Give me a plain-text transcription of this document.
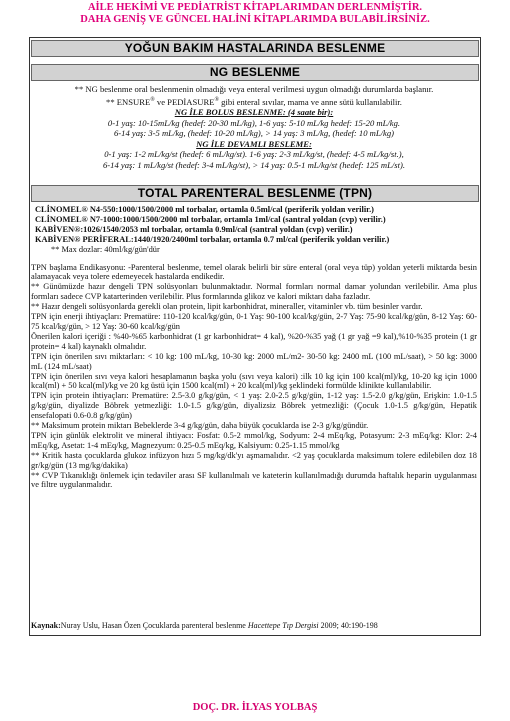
AİLE HEKİMİ VE PEDİATRİST KİTAPLARIMDAN DERLENMİŞTİR.
DAHA GENİŞ VE GÜNCEL HALİNİ KİTAPLARIMDA BULABİLİRSİNİZ.
YOĞUN BAKIM HASTALARINDA BESLENME
NG BESLENME

** NG beslenme oral beslenmenin olmadığı veya enteral verilmesi uygun olmadığı durumlarda başlanır.

** ENSURE® ve PEDİASURE® gibi enteral sıvılar, mama ve anne sütü kullanılabilir.

NG İLE BOLUS BESLENME: (4 saate bir):

0-1 yaş: 10-15mL/kg (hedef: 20-30 mL/kg), 1-6 yaş: 5-10 mL/kg hedef: 15-20 mL/kg.

6-14 yaş: 3-5 mL/kg, (hedef: 10-20 mL/kg), > 14 yaş: 3 mL/kg, (hedef: 10 mL/kg)

NG İLE DEVAMLI BESLEME:

0-1 yaş: 1-2 mL/kg/st (hedef: 6 mL/kg/st). 1-6 yaş: 2-3 mL/kg/st, (hedef: 4-5 mL/kg/st.),

6-14 yaş: 1 mL/kg/st (hedef: 3-4 mL/kg/st), > 14 yaş: 0.5-1 mL/kg/st (hedef: 125 mL/st).

TOTAL PARENTERAL BESLENME (TPN)

CLİNOMEL® N4-550:1000/1500/2000 ml torbalar, ortamla 0.5ml/cal (periferik yoldan verilir.)

CLİNOMEL® N7-1000:1000/1500/2000 ml torbalar, ortamla 1ml/cal (santral yoldan (cvp) verilir.)

KABİVEN®:1026/1540/2053 ml torbalar, ortamla 0.9ml/cal (santral yoldan (cvp) verilir.)

KABİVEN® PERİFERAL:1440/1920/2400ml torbalar, ortamla 0.7 ml/cal (periferik yoldan verilir.)

** Max dozlar: 40ml/kg/gün'dür

TPN başlama Endikasyonu: -Parenteral beslenme, temel olarak belirli bir süre enteral (oral veya tüp) yoldan yeterli miktarda besin alamayacak veya tolere edemeyecek hastalarda endikedir.

** Günümüzde hazır dengeli TPN solüsyonları bulunmaktadır. Normal formları normal damar yolundan verilebilir. Ama plus formları sadece CVP katarterinden verilebilir. Plus formlarında glikoz ve kalori miktarı daha fazladır.

** Hazır dengeli solüsyonlarda gerekli olan protein, lipit karbonhidrat, mineraller, vitaminler vb. tüm besinler vardır.

TPN için enerji ihtiyaçları: Prematüre: 110-120 kcal/kg/gün, 0-1 Yaş: 90-100 kcal/kg/gün, 2-7 Yaş: 75-90 kcal/kg/gün, 8-12 Yaş: 60-75 kcal/kg/gün, > 12 Yaş: 30-60 kcal/kg/gün

Önerilen kalori içeriği : %40-%65 karbonhidrat (1 gr karbonhidrat= 4 kal), %20-%35 yağ (1 gr yağ =9 kal),%10-%35 protein (1 gr protein= 4 kal) kaynaklı olmalıdır.

TPN için önerilen sıvı miktarları: < 10 kg: 100 mL/kg, 10-30 kg: 2000 mL/m2- 30-50 kg: 2400 mL (100 mL/saat), > 50 kg: 3000 mL (124 mL/saat)

TPN için önerilen sıvı veya kalori hesaplamanın başka yolu (sıvı veya kalori) :ilk 10 kg için 100 kcal(ml)/kg, 10-20 kg için 1000 kcal(ml) + 50 kcal(ml)/kg ve 20 kg üstü için 1500 kcal(ml) + 20 kcal(ml)/kg şeklindeki formülde klinikte kullanılabilir.

TPN için protein ihtiyaçları: Prematüre: 2.5-3.0 g/kg/gün, < 1 yaş: 2.0-2.5 g/kg/gün, 1-12 yaş: 1.5-2.0 g/kg/gün, Erişkin: 1.0-1.5 g/kg/gün, diyalizde Böbrek yetmezliği: 1.0-1.5 g/kg/gün, diyalizsiz Böbrek yetmezliği: (Çocuk 1.0-1.5 g/kg/gün, Hepatik ensefalopati 0.6-0.8 g/kg/gün)

** Maksimum protein miktarı Bebeklerde 3-4 g/kg/gün, daha büyük çocuklarda ise 2-3 g/kg/gündür.

TPN için günlük elektrolit ve mineral ihtiyacı: Fosfat: 0.5-2 mmol/kg, Sodyum: 2-4 mEq/kg, Potasyum: 2-3 mEq/kg: Klor: 2-4 mEq/kg, Asetat: 1-4 mEq/kg, Magnezyum: 0.25-0.5 mEq/kg, Kalsiyum: 0.25-1.15 mmol/kg

** Kritik hasta çocuklarda glukoz infüzyon hızı 5 mg/kg/dk'yı aşmamalıdır. <2 yaş çocuklarda maksimum tolere edilebilen doz 18 gr/kg/gün (13 mg/kg/dakika)

** CVP Tıkanıklığı önlemek için tedaviler arası SF kullanılmalı ve kateterin kullanılmadığı durumda haftalık heparin uygulanması ve filtre uygulanmalıdır.

Kaynak:Nuray Uslu, Hasan Özen Çocuklarda parenteral beslenme Hacettepe Tıp Dergisi 2009; 40:190-198
DOÇ. DR. İLYAS YOLBAŞ
